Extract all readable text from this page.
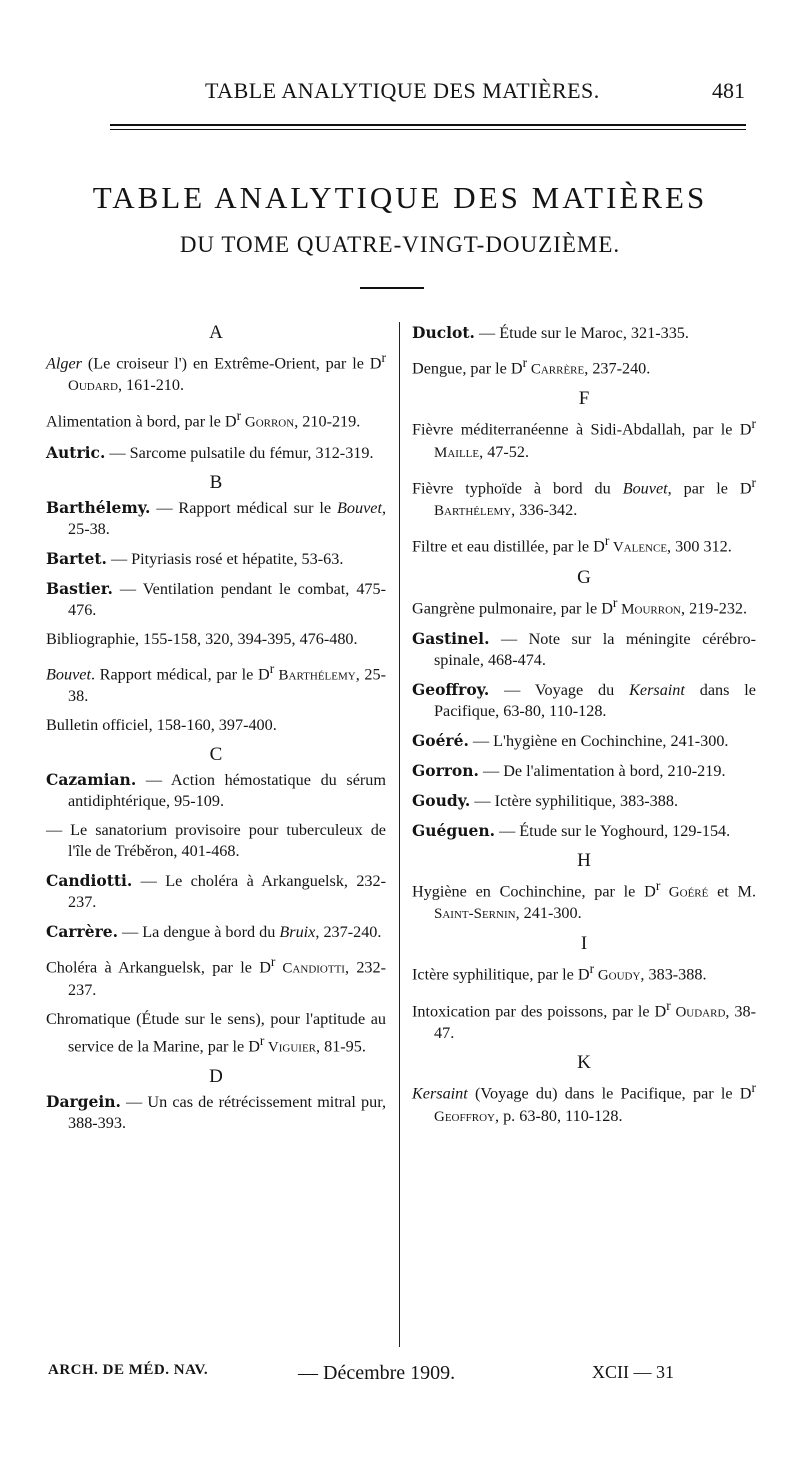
TABLE ANALYTIQUE DES MATIÈRES.	481
TABLE ANALYTIQUE DES MATIÈRES
DU TOME QUATRE-VINGT-DOUZIÈME.
A

Alger (Le croiseur l') en Extrême-Orient, par le $D^r$ Oudard, 161-210.

Alimentation à bord, par le $D^r$ Gorron, 210-219.

Autric. — Sarcome pulsatile du fémur, 312-319.

B

Barthélemy. — Rapport médical sur le Bouvet, 25-38.

Bartet. — Pityriasis rosé et hépatite, 53-63.

Bastier. — Ventilation pendant le combat, 475-476.

Bibliographie, 155-158, 320, 394-395, 476-480.

Bouvet. Rapport médical, par le $D^r$ Barthélemy, 25-38.

Bulletin officiel, 158-160, 397-400.

C

Cazamian. — Action hémostatique du sérum antidiphtérique, 95-109.

— Le sanatorium provisoire pour tuberculeux de l'île de Tréběron, 401-468.

Candiotti. — Le choléra à Arkanguelsk, 232-237.

Carrère. — La dengue à bord du Bruix, 237-240.

Choléra à Arkanguelsk, par le $D^r$ Candiotti, 232-237.

Chromatique (Étude sur le sens), pour l'aptitude au service de la Marine, par le $D^r$ Viguier, 81-95.

D

Dargein. — Un cas de rétrécissement mitral pur, 388-393.

Duclot. — Étude sur le Maroc, 321-335.

Dengue, par le $D^r$ Carrère, 237-240.

F

Fièvre méditerranéenne à Sidi-Abdallah, par le $D^r$ Maille, 47-52.

Fièvre typhoïde à bord du Bouvet, par le $D^r$ Barthélemy, 336-342.

Filtre et eau distillée, par le $D^r$ Valence, 300 312.

G

Gangrène pulmonaire, par le $D^r$ Mourron, 219-232.

Gastinel. — Note sur la méningite cérébro-spinale, 468-474.

Geoffroy. — Voyage du Kersaint dans le Pacifique, 63-80, 110-128.

Goéré. — L'hygiène en Cochinchine, 241-300.

Gorron. — De l'alimentation à bord, 210-219.

Goudy. — Ictère syphilitique, 383-388.

Guéguen. — Étude sur le Yoghourd, 129-154.

H

Hygiène en Cochinchine, par le $D^r$ Goéré et M. Saint-Sernin, 241-300.

I

Ictère syphilitique, par le $D^r$ Goudy, 383-388.

Intoxication par des poissons, par le $D^r$ Oudard, 38-47.

K

Kersaint (Voyage du) dans le Pacifique, par le $D^r$ Geoffroy, p. 63-80, 110-128.

ARCH. DE MÉD. NAV.	— Décembre 1909.	XCII — 31
